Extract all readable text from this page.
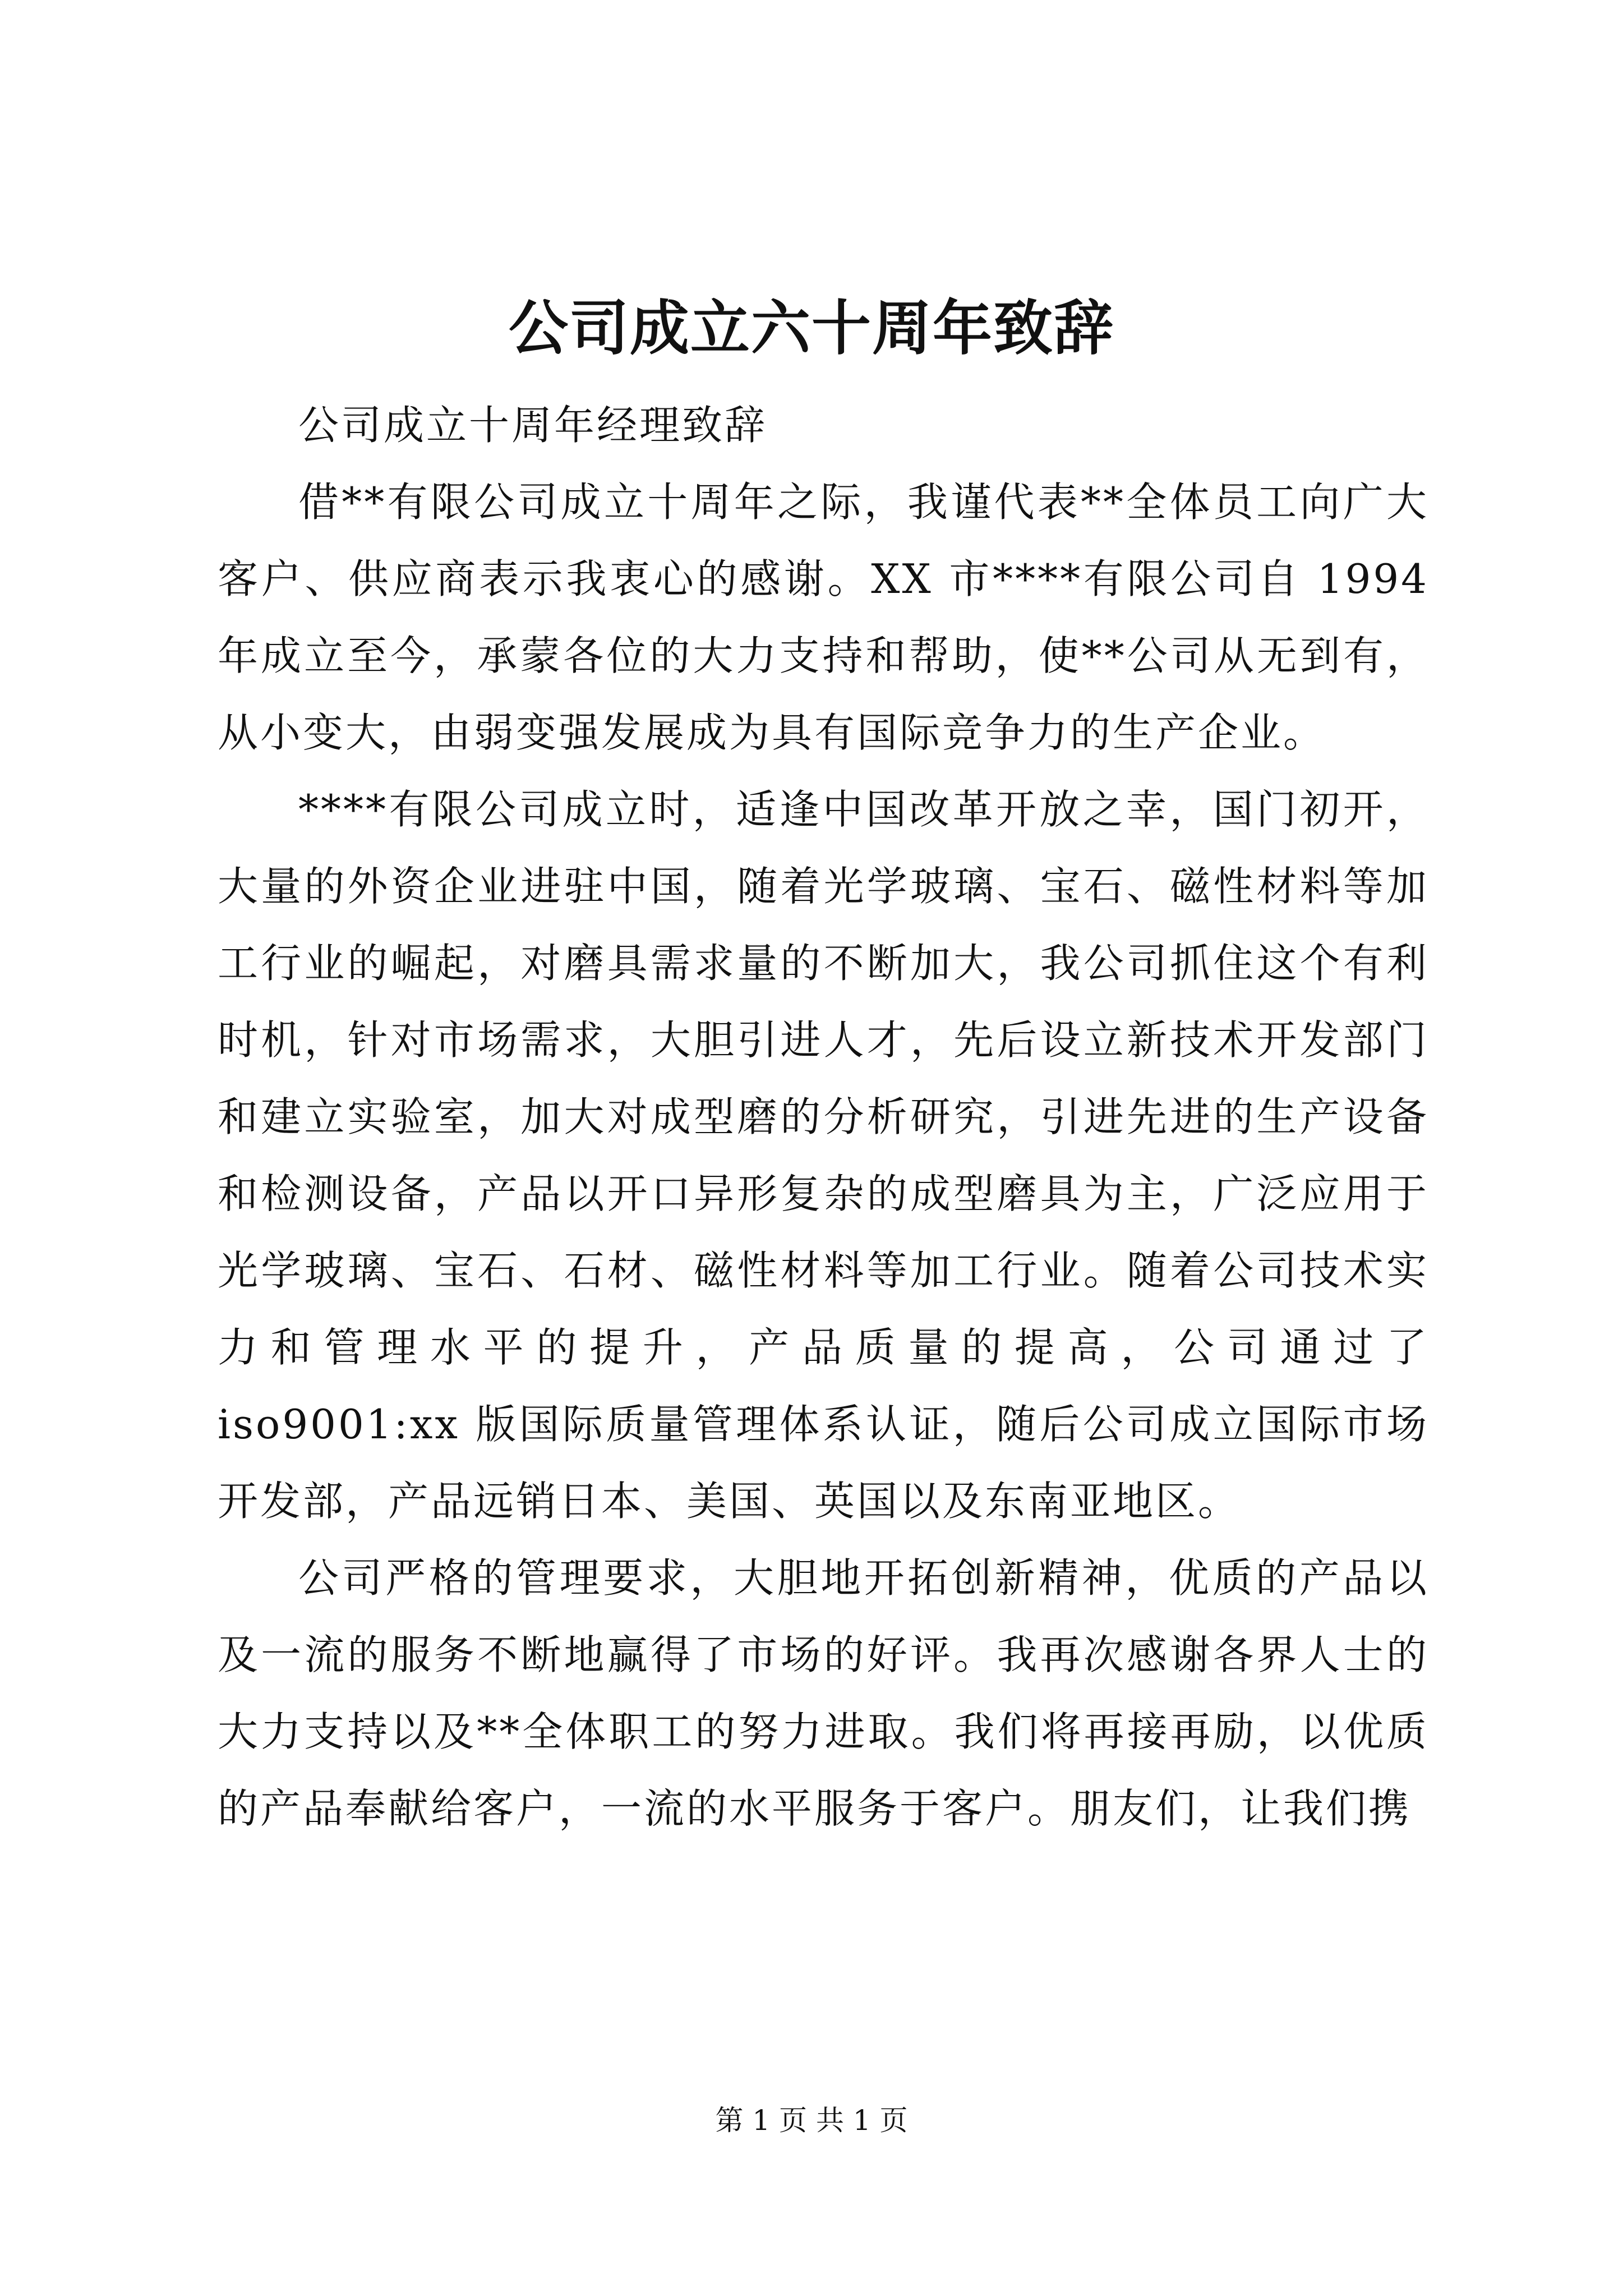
公司成立六十周年致辞

公司成立十周年经理致辞

借**有限公司成立十周年之际，我谨代表**全体员工向广大客户、供应商表示我衷心的感谢。XX 市****有限公司自 1994 年成立至今，承蒙各位的大力支持和帮助，使**公司从无到有，从小变大，由弱变强发展成为具有国际竞争力的生产企业。

****有限公司成立时，适逢中国改革开放之幸，国门初开，大量的外资企业进驻中国，随着光学玻璃、宝石、磁性材料等加工行业的崛起，对磨具需求量的不断加大，我公司抓住这个有利时机，针对市场需求，大胆引进人才，先后设立新技术开发部门和建立实验室，加大对成型磨的分析研究，引进先进的生产设备和检测设备，产品以开口异形复杂的成型磨具为主，广泛应用于光学玻璃、宝石、石材、磁性材料等加工行业。随着公司技术实力和管理水平的提升，产品质量的提高，公司通过了 iso9001:xx 版国际质量管理体系认证，随后公司成立国际市场开发部，产品远销日本、美国、英国以及东南亚地区。

公司严格的管理要求，大胆地开拓创新精神，优质的产品以及一流的服务不断地赢得了市场的好评。我再次感谢各界人士的大力支持以及**全体职工的努力进取。我们将再接再励，以优质的产品奉献给客户，一流的水平服务于客户。朋友们，让我们携

第 1 页 共 1 页
